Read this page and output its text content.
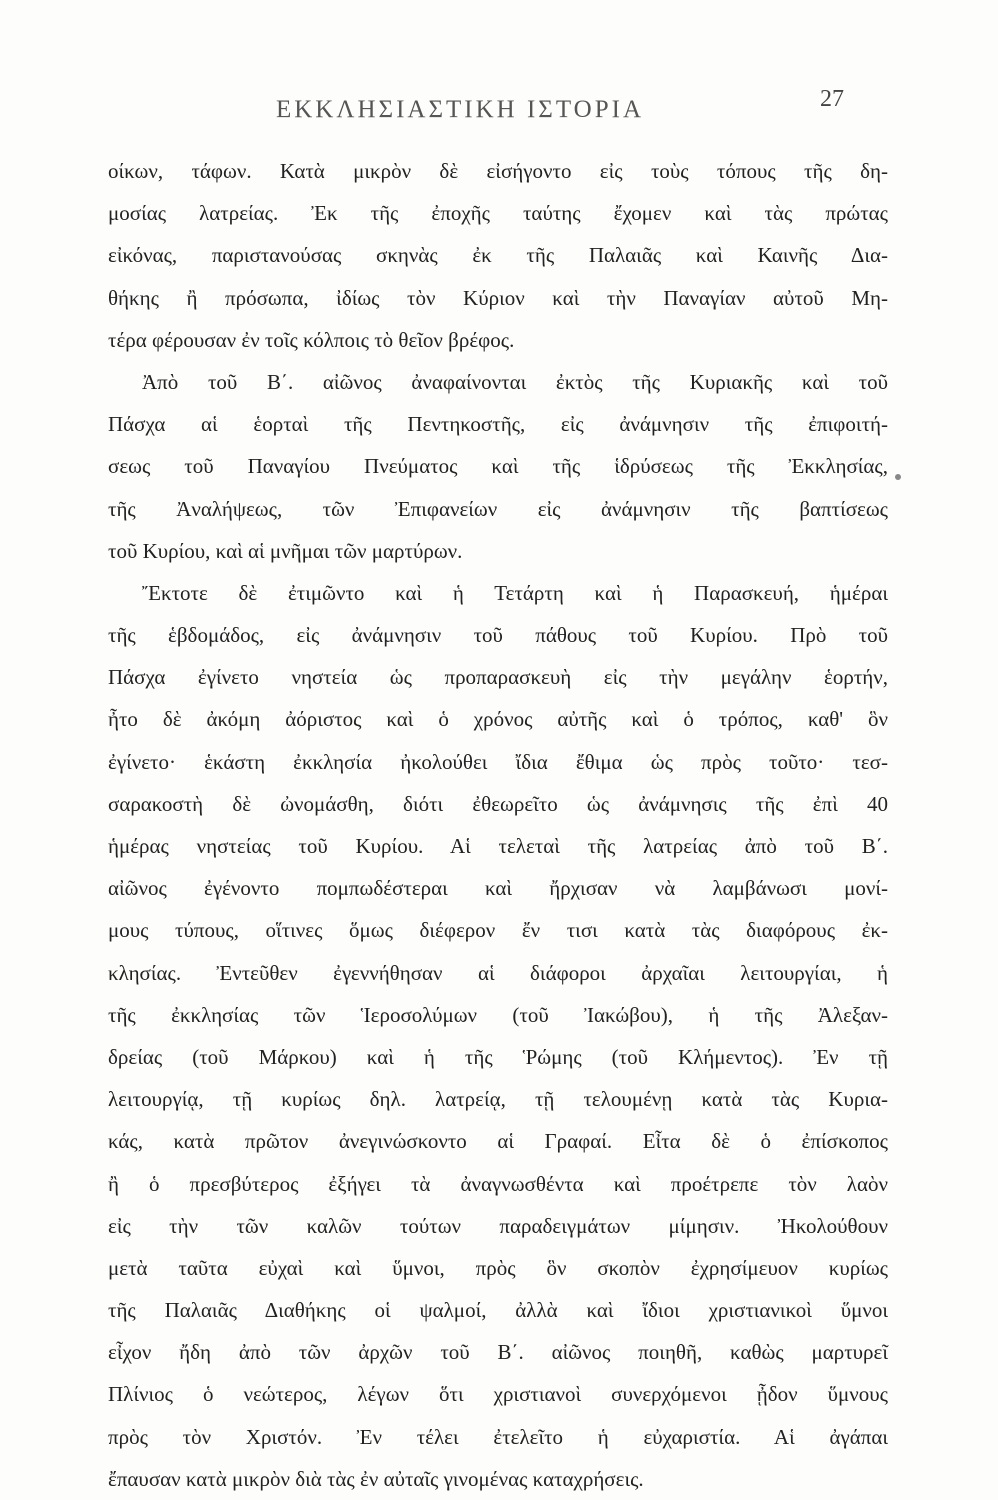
ΕΚΚΛΗΣΙΑΣΤΙΚΗ ΙΣΤΟΡΙΑ	27
οίκων, τάφων. Κατὰ μικρὸν δὲ εἰσήγοντο εἰς τοὺς τόπους τῆς δη-
μοσίας λατρείας. Ἐκ τῆς ἐποχῆς ταύτης ἔχομεν καὶ τὰς πρώτας
εἰκόνας, παριστανούσας σκηνὰς ἐκ τῆς Παλαιᾶς καὶ Καινῆς Δια-
θήκης ἢ πρόσωπα, ἰδίως τὸν Κύριον καὶ τὴν Παναγίαν αὐτοῦ Μη-
τέρα φέρουσαν ἐν τοῖς κόλποις τὸ θεῖον βρέφος.
Ἀπὸ τοῦ Β΄. αἰῶνος ἀναφαίνονται ἐκτὸς τῆς Κυριακῆς καὶ τοῦ
Πάσχα αἱ ἑορταὶ τῆς Πεντηκοστῆς, εἰς ἀνάμνησιν τῆς ἐπιφοιτή-
σεως τοῦ Παναγίου Πνεύματος καὶ τῆς ἱδρύσεως τῆς Ἐκκλησίας,
τῆς Ἀναλήψεως, τῶν Ἐπιφανείων εἰς ἀνάμνησιν τῆς βαπτίσεως
τοῦ Κυρίου, καὶ αἱ μνῆμαι τῶν μαρτύρων.
Ἔκτοτε δὲ ἐτιμῶντο καὶ ἡ Τετάρτη καὶ ἡ Παρασκευή, ἡμέραι
τῆς ἑβδομάδος, εἰς ἀνάμνησιν τοῦ πάθους τοῦ Κυρίου. Πρὸ τοῦ
Πάσχα ἐγίνετο νηστεία ὡς προπαρασκευὴ εἰς τὴν μεγάλην ἑορτήν,
ἦτο δὲ ἀκόμη ἀόριστος καὶ ὁ χρόνος αὐτῆς καὶ ὁ τρόπος, καθ' ὃν
ἐγίνετο· ἑκάστη ἐκκλησία ἠκολούθει ἴδια ἔθιμα ὡς πρὸς τοῦτο· τεσ-
σαρακοστὴ δὲ ὠνομάσθη, διότι ἐθεωρεῖτο ὡς ἀνάμνησις τῆς ἐπὶ 40
ἡμέρας νηστείας τοῦ Κυρίου. Αἱ τελεταὶ τῆς λατρείας ἀπὸ τοῦ Β΄.
αἰῶνος ἐγένοντο πομπωδέστεραι καὶ ἤρχισαν νὰ λαμβάνωσι μονί-
μους τύπους, οἵτινες ὅμως διέφερον ἔν τισι κατὰ τὰς διαφόρους ἐκ-
κλησίας. Ἐντεῦθεν ἐγεννήθησαν αἱ διάφοροι ἀρχαῖαι λειτουργίαι, ἡ
τῆς ἐκκλησίας τῶν Ἱεροσολύμων (τοῦ Ἰακώβου), ἡ τῆς Ἀλεξαν-
δρείας (τοῦ Μάρκου) καὶ ἡ τῆς Ῥώμης (τοῦ Κλήμεντος). Ἐν τῇ
λειτουργίᾳ, τῇ κυρίως δηλ. λατρείᾳ, τῇ τελουμένῃ κατὰ τὰς Κυρια-
κάς, κατὰ πρῶτον ἀνεγινώσκοντο αἱ Γραφαί. Εἶτα δὲ ὁ ἐπίσκοπος
ἢ ὁ πρεσβύτερος ἐξήγει τὰ ἀναγνωσθέντα καὶ προέτρεπε τὸν λαὸν
εἰς τὴν τῶν καλῶν τούτων παραδειγμάτων μίμησιν. Ἠκολούθουν
μετὰ ταῦτα εὐχαὶ καὶ ὕμνοι, πρὸς ὃν σκοπὸν ἐχρησίμευον κυρίως
τῆς Παλαιᾶς Διαθήκης οἱ ψαλμοί, ἀλλὰ καὶ ἴδιοι χριστιανικοὶ ὕμνοι
εἶχον ἤδη ἀπὸ τῶν ἀρχῶν τοῦ Β΄. αἰῶνος ποιηθῆ, καθὼς μαρτυρεῖ
Πλίνιος ὁ νεώτερος, λέγων ὅτι χριστιανοὶ συνερχόμενοι ᾖδον ὕμνους
πρὸς τὸν Χριστόν. Ἐν τέλει ἐτελεῖτο ἡ εὐχαριστία. Αἱ ἀγάπαι
ἔπαυσαν κατὰ μικρὸν διὰ τὰς ἐν αὐταῖς γινομένας καταχρήσεις.
